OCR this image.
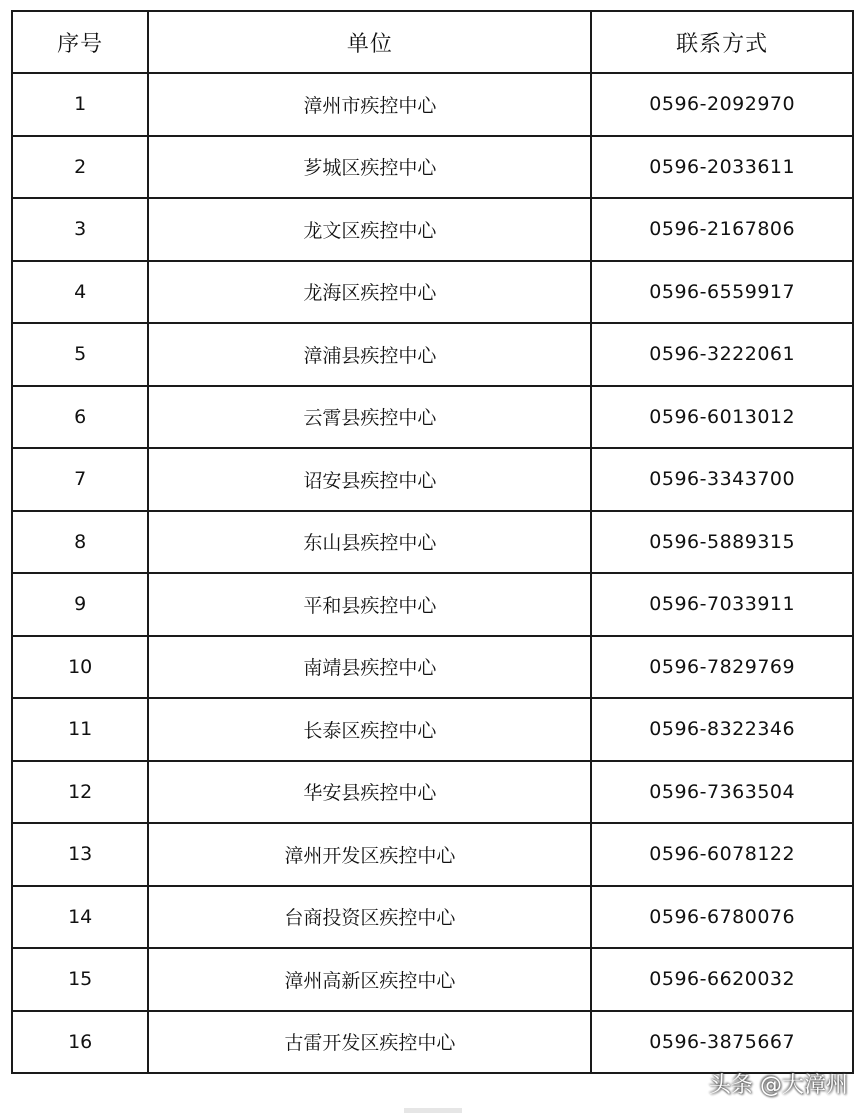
序号	单位	联系方式
1	漳州市疾控中心	0596-2092970
2	芗城区疾控中心	0596-2033611
3	龙文区疾控中心	0596-2167806
4	龙海区疾控中心	0596-6559917
5	漳浦县疾控中心	0596-3222061
6	云霄县疾控中心	0596-6013012
7	诏安县疾控中心	0596-3343700
8	东山县疾控中心	0596-5889315
9	平和县疾控中心	0596-7033911
10	南靖县疾控中心	0596-7829769
11	长泰区疾控中心	0596-8322346
12	华安县疾控中心	0596-7363504
13	漳州开发区疾控中心	0596-6078122
14	台商投资区疾控中心	0596-6780076
15	漳州高新区疾控中心	0596-6620032
16	古雷开发区疾控中心	0596-3875667
头条 @大漳州
